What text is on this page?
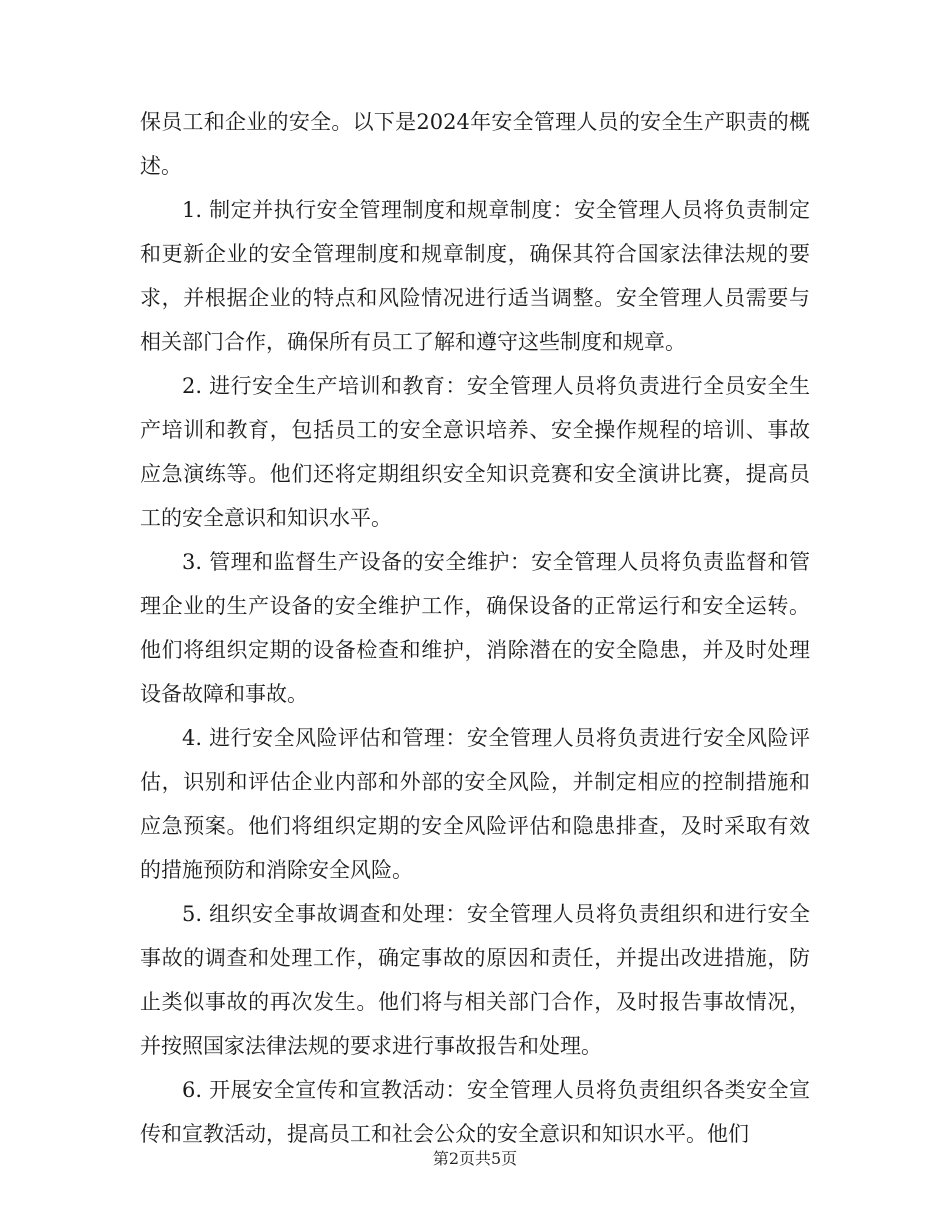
保员工和企业的安全。以下是2024年安全管理人员的安全生产职责的概述。

1. 制定并执行安全管理制度和规章制度：安全管理人员将负责制定和更新企业的安全管理制度和规章制度，确保其符合国家法律法规的要求，并根据企业的特点和风险情况进行适当调整。安全管理人员需要与相关部门合作，确保所有员工了解和遵守这些制度和规章。

2. 进行安全生产培训和教育：安全管理人员将负责进行全员安全生产培训和教育，包括员工的安全意识培养、安全操作规程的培训、事故应急演练等。他们还将定期组织安全知识竞赛和安全演讲比赛，提高员工的安全意识和知识水平。

3. 管理和监督生产设备的安全维护：安全管理人员将负责监督和管理企业的生产设备的安全维护工作，确保设备的正常运行和安全运转。他们将组织定期的设备检查和维护，消除潜在的安全隐患，并及时处理设备故障和事故。

4. 进行安全风险评估和管理：安全管理人员将负责进行安全风险评估，识别和评估企业内部和外部的安全风险，并制定相应的控制措施和应急预案。他们将组织定期的安全风险评估和隐患排查，及时采取有效的措施预防和消除安全风险。

5. 组织安全事故调查和处理：安全管理人员将负责组织和进行安全事故的调查和处理工作，确定事故的原因和责任，并提出改进措施，防止类似事故的再次发生。他们将与相关部门合作，及时报告事故情况，并按照国家法律法规的要求进行事故报告和处理。

6. 开展安全宣传和宣教活动：安全管理人员将负责组织各类安全宣传和宣教活动，提高员工和社会公众的安全意识和知识水平。他们

第2页共5页
